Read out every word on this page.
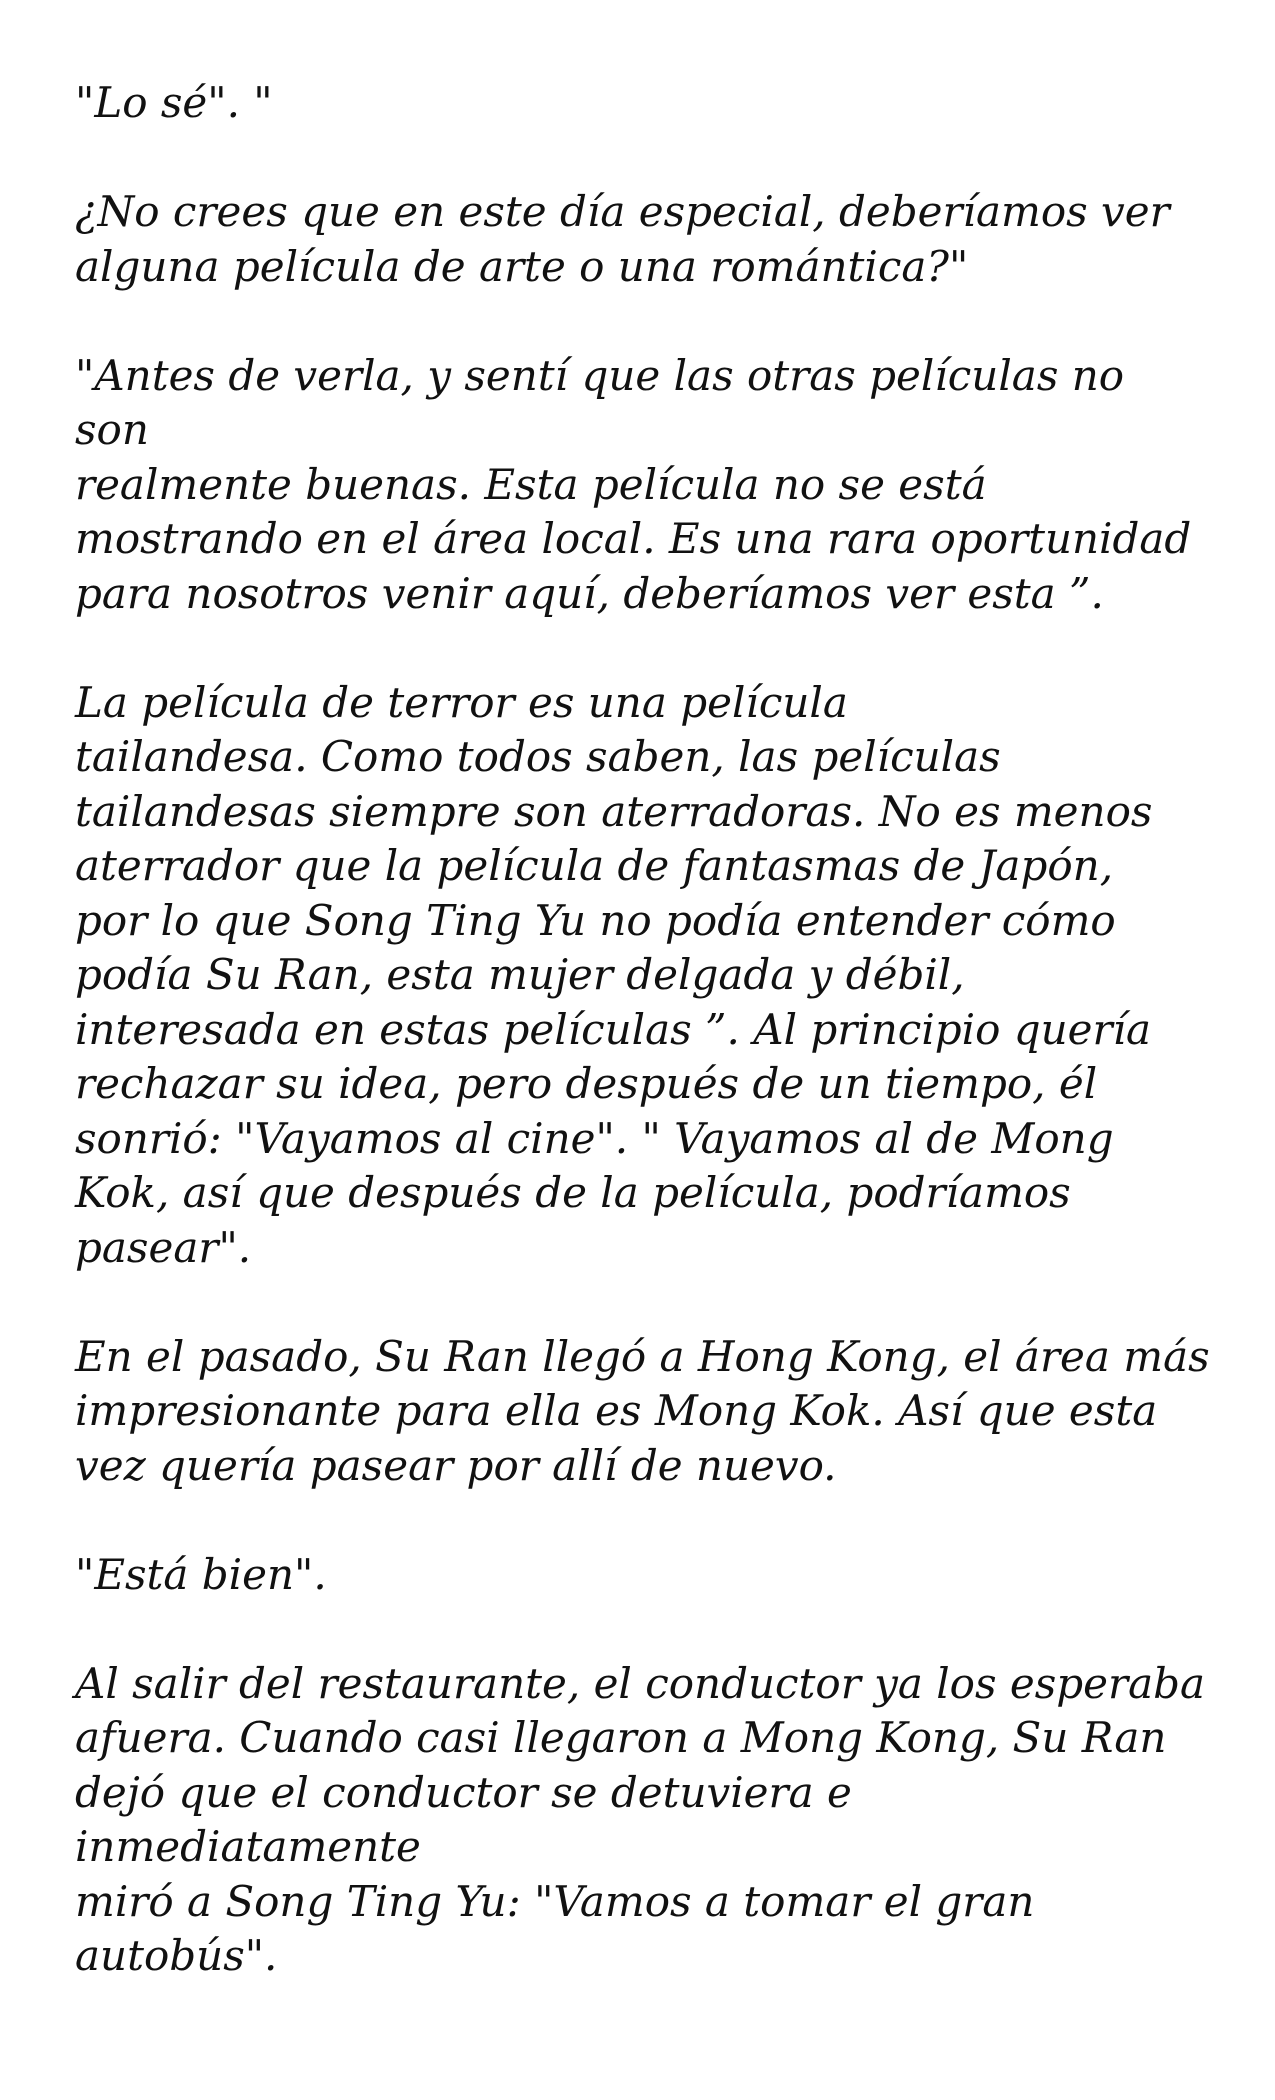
"Lo sé". "

¿No crees que en este día especial, deberíamos ver
alguna película de arte o una romántica?"

"Antes de verla, y sentí que las otras películas no son
realmente buenas. Esta película no se está
mostrando en el área local. Es una rara oportunidad
para nosotros venir aquí, deberíamos ver esta ”.

La película de terror es una película
tailandesa. Como todos saben, las películas
tailandesas siempre son aterradoras. No es menos
aterrador que la película de fantasmas de Japón,
por lo que Song Ting Yu no podía entender cómo
podía Su Ran, esta mujer delgada y débil,
interesada en estas películas ”. Al principio quería
rechazar su idea, pero después de un tiempo, él
sonrió: "Vayamos al cine". " Vayamos al de Mong
Kok, así que después de la película, podríamos
pasear".

En el pasado, Su Ran llegó a Hong Kong, el área más
impresionante para ella es Mong Kok. Así que esta
vez quería pasear por allí de nuevo.

"Está bien".

Al salir del restaurante, el conductor ya los esperaba
afuera. Cuando casi llegaron a Mong Kong, Su Ran
dejó que el conductor se detuviera e inmediatamente
miró a Song Ting Yu: "Vamos a tomar el gran
autobús".
